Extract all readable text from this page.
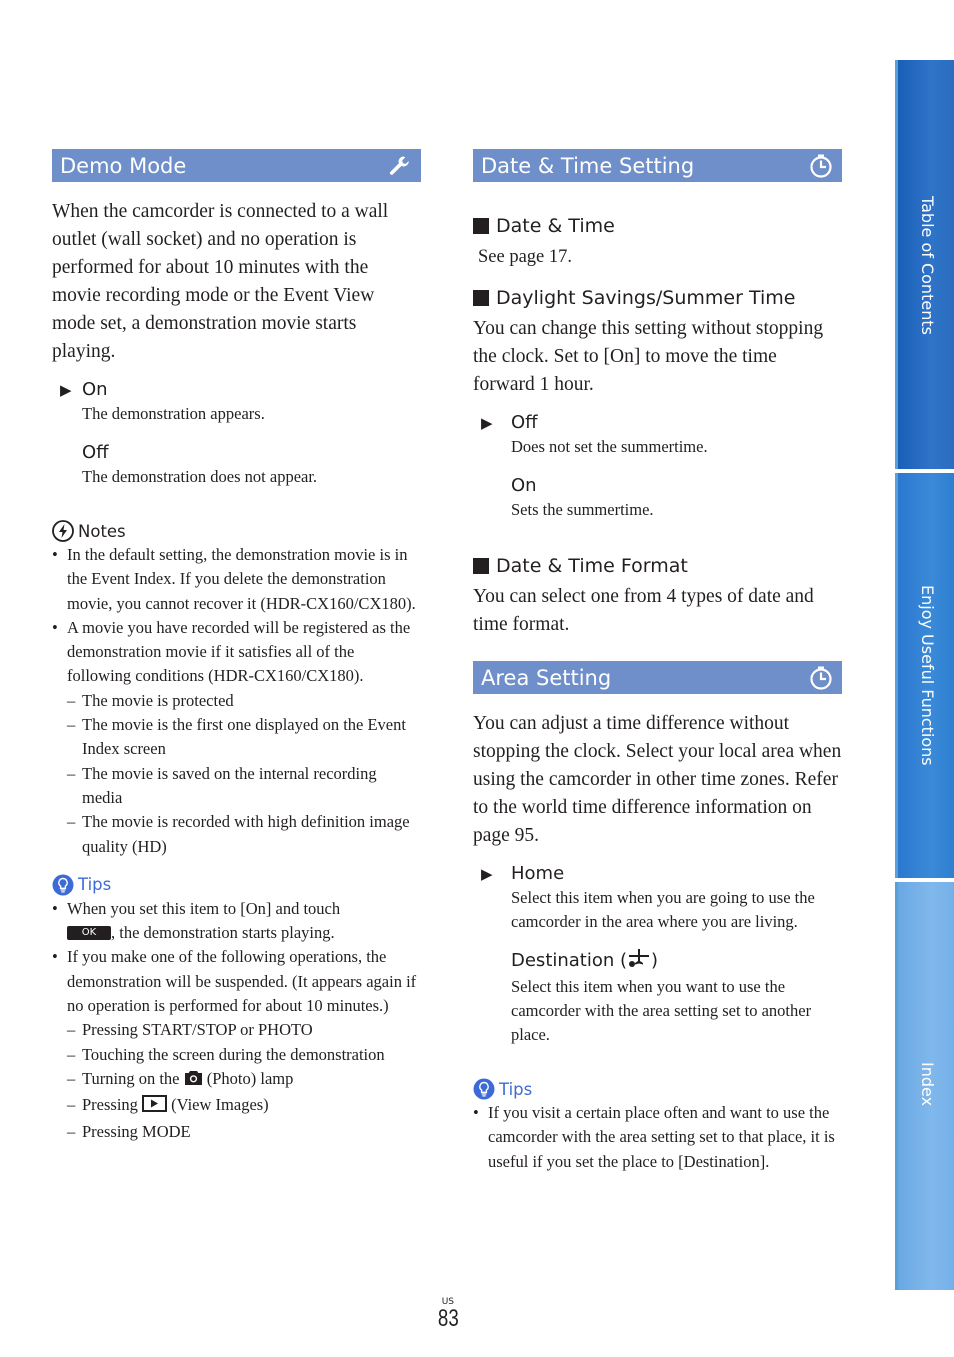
Demo Mode

When the camcorder is connected to a wall outlet (wall socket) and no operation is performed for about 10 minutes with the movie recording mode or the Event View mode set, a demonstration movie starts playing.

▶ On
The demonstration appears.
Off
The demonstration does not appear.
Notes
• In the default setting, the demonstration movie is in the Event Index. If you delete the demonstration movie, you cannot recover it (HDR-CX160/CX180).
• A movie you have recorded will be registered as the demonstration movie if it satisfies all of the following conditions (HDR-CX160/CX180).
– The movie is protected
– The movie is the first one displayed on the Event Index screen
– The movie is saved on the internal recording media
– The movie is recorded with high definition image quality (HD)
Tips
• When you set this item to [On] and touch
OK , the demonstration starts playing.
• If you make one of the following operations, the demonstration will be suspended. (It appears again if no operation is performed for about 10 minutes.)
– Pressing START/STOP or PHOTO
– Touching the screen during the demonstration
– Turning on the (Photo) lamp
– Pressing (View Images)
– Pressing MODE
Date & Time Setting
Date & Time

See page 17.

Daylight Savings/Summer Time

You can change this setting without stopping the clock. Set to [On] to move the time forward 1 hour.

▶ Off
Does not set the summertime.
On
Sets the summertime.
Date & Time Format

You can select one from 4 types of date and time format.

Area Setting

You can adjust a time difference without stopping the clock. Select your local area when using the camcorder in other time zones. Refer to the world time difference information on page 95.

▶ Home
Select this item when you are going to use the camcorder in the area where you are living.
Destination ( )
Select this item when you want to use the camcorder with the area setting set to another place.
Tips
• If you visit a certain place often and want to use the camcorder with the area setting set to that place, it is useful if you set the place to [Destination].
Table of Contents
Enjoy Useful Functions
Index
US
83
